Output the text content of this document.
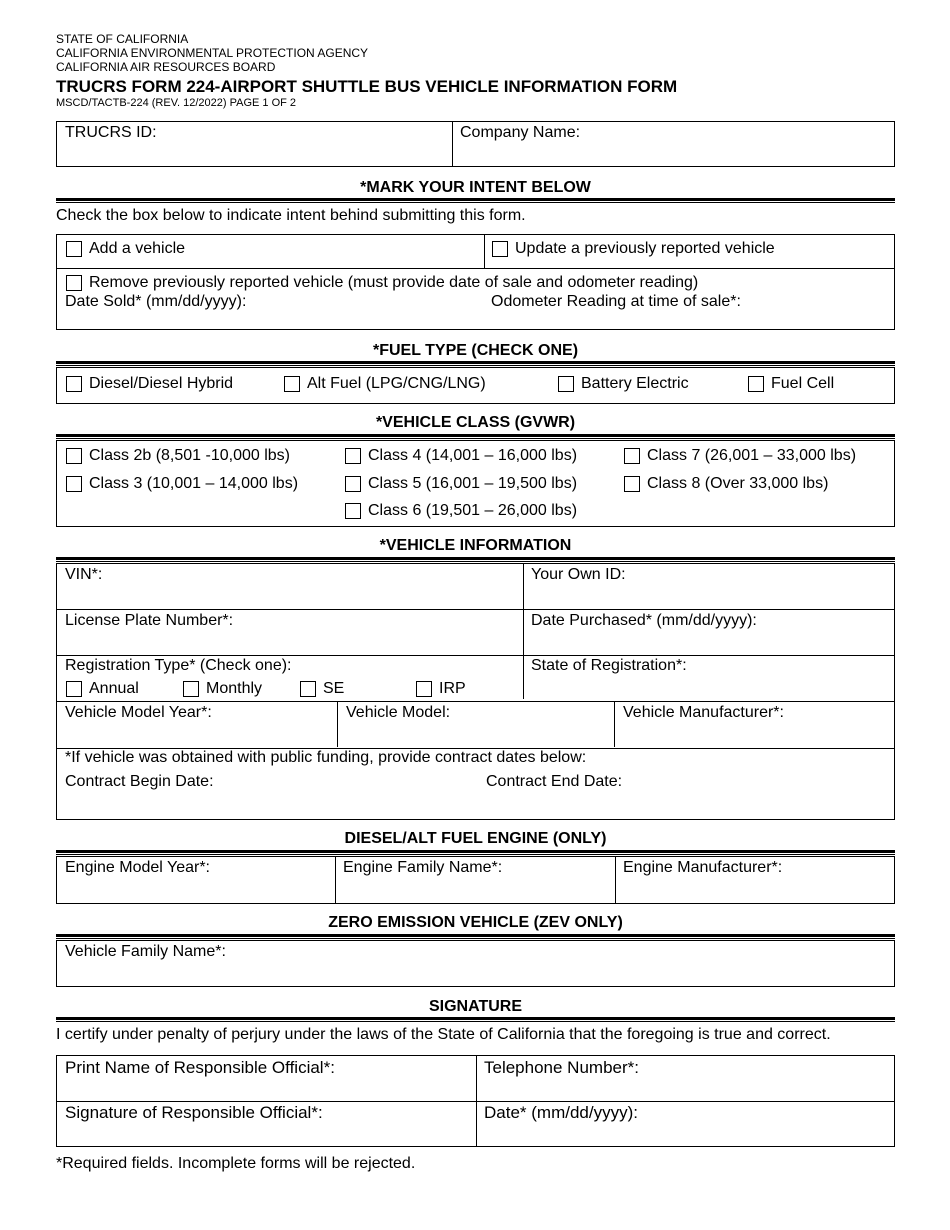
STATE OF CALIFORNIA
CALIFORNIA ENVIRONMENTAL PROTECTION AGENCY
CALIFORNIA AIR RESOURCES BOARD
TRUCRS FORM 224-AIRPORT SHUTTLE BUS VEHICLE INFORMATION FORM
MSCD/TACTB-224 (REV. 12/2022) PAGE 1 OF 2
TRUCRS ID:	Company Name:
*MARK YOUR INTENT BELOW
Check the box below to indicate intent behind submitting this form.
Add a vehicle	Update a previously reported vehicle
Remove previously reported vehicle (must provide date of sale and odometer reading)
Date Sold* (mm/dd/yyyy):	Odometer Reading at time of sale*:
*FUEL TYPE (CHECK ONE)
Diesel/Diesel Hybrid	Alt Fuel (LPG/CNG/LNG)	Battery Electric	Fuel Cell
*VEHICLE CLASS (GVWR)
Class 2b (8,501 -10,000 lbs)
Class 3 (10,001 – 14,000 lbs)
Class 4 (14,001 – 16,000 lbs)
Class 5 (16,001 – 19,500 lbs)
Class 6 (19,501 – 26,000 lbs)
Class 7 (26,001 – 33,000 lbs)
Class 8 (Over 33,000 lbs)
*VEHICLE INFORMATION
VIN*:	Your Own ID:
License Plate Number*:	Date Purchased* (mm/dd/yyyy):
Registration Type* (Check one):
Annual	Monthly	SE	IRP
State of Registration*:
Vehicle Model Year*:	Vehicle Model:	Vehicle Manufacturer*:
*If vehicle was obtained with public funding, provide contract dates below:
Contract Begin Date:	Contract End Date:
DIESEL/ALT FUEL ENGINE (ONLY)
Engine Model Year*:	Engine Family Name*:	Engine Manufacturer*:
ZERO EMISSION VEHICLE (ZEV ONLY)
Vehicle Family Name*:
SIGNATURE
I certify under penalty of perjury under the laws of the State of California that the foregoing is true and correct.
Print Name of Responsible Official*:	Telephone Number*:
Signature of Responsible Official*:	Date* (mm/dd/yyyy):
*Required fields. Incomplete forms will be rejected.
